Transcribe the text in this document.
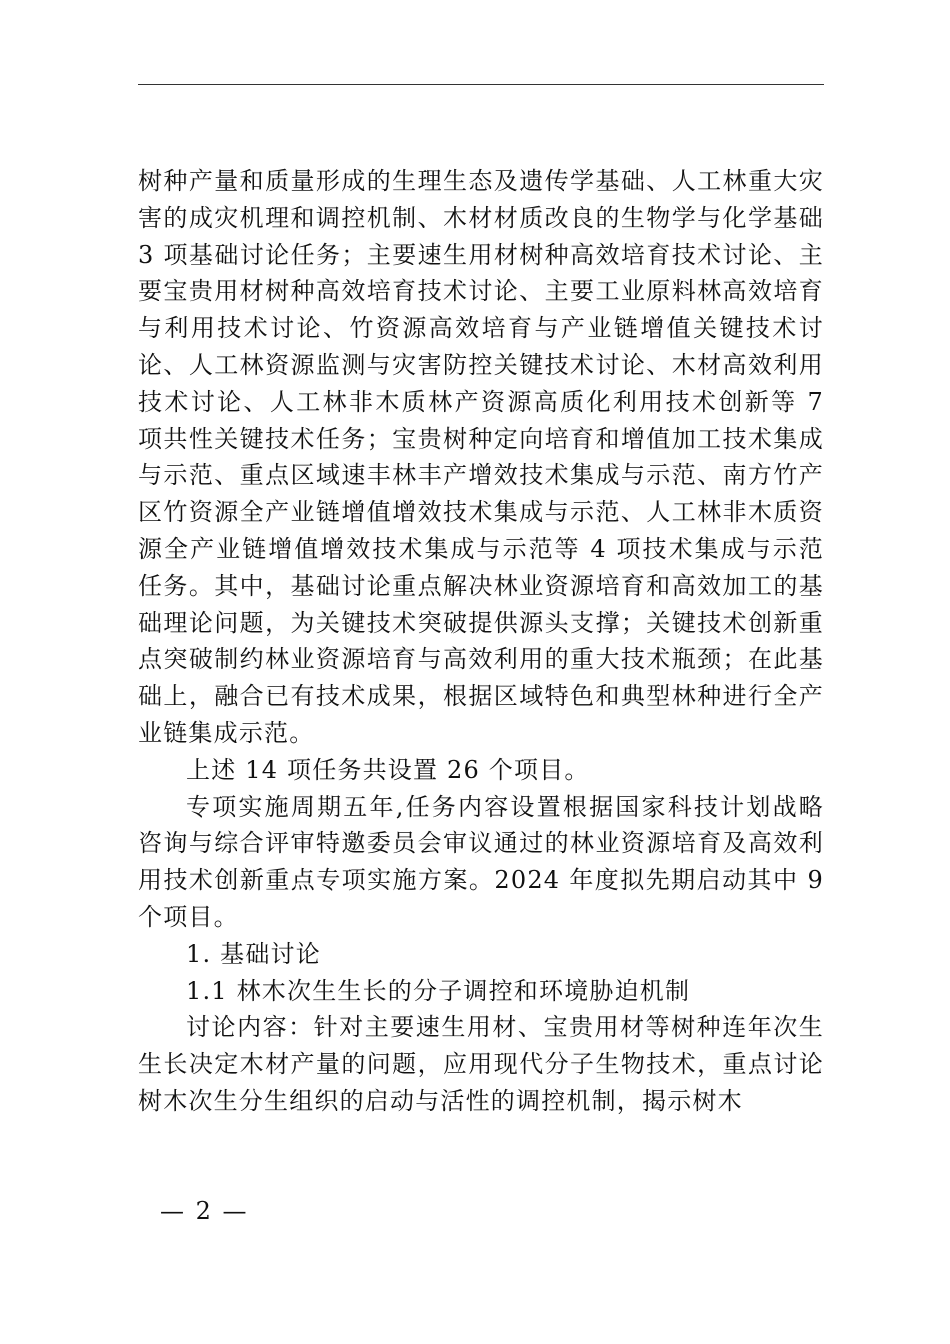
树种产量和质量形成的生理生态及遗传学基础、人工林重大灾害的成灾机理和调控机制、木材材质改良的生物学与化学基础 3 项基础讨论任务；主要速生用材树种高效培育技术讨论、主要宝贵用材树种高效培育技术讨论、主要工业原料林高效培育与利用技术讨论、竹资源高效培育与产业链增值关键技术讨论、人工林资源监测与灾害防控关键技术讨论、木材高效利用技术讨论、人工林非木质林产资源高质化利用技术创新等 7 项共性关键技术任务；宝贵树种定向培育和增值加工技术集成与示范、重点区域速丰林丰产增效技术集成与示范、南方竹产区竹资源全产业链增值增效技术集成与示范、人工林非木质资源全产业链增值增效技术集成与示范等 4 项技术集成与示范任务。其中，基础讨论重点解决林业资源培育和高效加工的基础理论问题，为关键技术突破提供源头支撑；关键技术创新重点突破制约林业资源培育与高效利用的重大技术瓶颈；在此基础上，融合已有技术成果，根据区域特色和典型林种进行全产业链集成示范。

上述 14 项任务共设置 26 个项目。

专项实施周期五年,任务内容设置根据国家科技计划战略咨询与综合评审特邀委员会审议通过的林业资源培育及高效利用技术创新重点专项实施方案。2024 年度拟先期启动其中 9 个项目。

1. 基础讨论

1.1 林木次生生长的分子调控和环境胁迫机制

讨论内容：针对主要速生用材、宝贵用材等树种连年次生生长决定木材产量的问题，应用现代分子生物技术，重点讨论树木次生分生组织的启动与活性的调控机制，揭示树木

— 2 —
